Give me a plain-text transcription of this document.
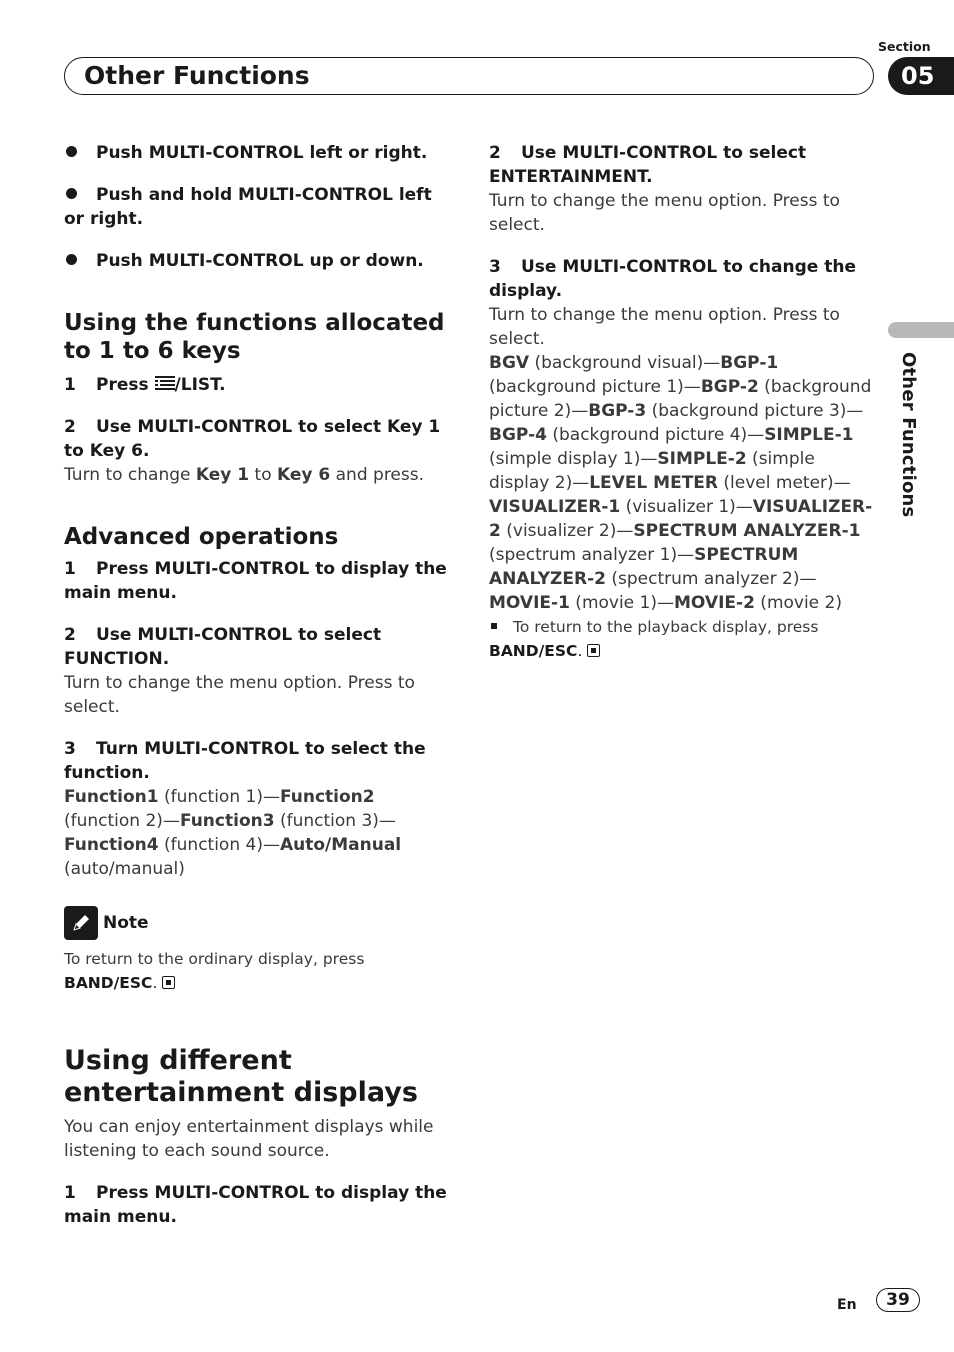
Section
Other Functions	05
Other Functions
Push MULTI-CONTROL left or right.
Push and hold MULTI-CONTROL left or right.
Push MULTI-CONTROL up or down.
Using the functions allocated to 1 to 6 keys
1 Press /LIST.
2 Use MULTI-CONTROL to select Key 1 to Key 6.
Turn to change Key 1 to Key 6 and press.
Advanced operations
1 Press MULTI-CONTROL to display the main menu.
2 Use MULTI-CONTROL to select FUNCTION.
Turn to change the menu option. Press to select.
3 Turn MULTI-CONTROL to select the function.
Function1 (function 1)—Function2 (function 2)—Function3 (function 3)—Function4 (function 4)—Auto/Manual (auto/manual)
Note
To return to the ordinary display, press
BAND/ESC.
Using different entertainment displays
You can enjoy entertainment displays while listening to each sound source.
1 Press MULTI-CONTROL to display the main menu.
2 Use MULTI-CONTROL to select ENTERTAINMENT.
Turn to change the menu option. Press to select.
3 Use MULTI-CONTROL to change the display.
Turn to change the menu option. Press to select.
BGV (background visual)—BGP-1 (background picture 1)—BGP-2 (background picture 2)—BGP-3 (background picture 3)—BGP-4 (background picture 4)—SIMPLE-1 (simple display 1)—SIMPLE-2 (simple display 2)—LEVEL METER (level meter)—VISUALIZER-1 (visualizer 1)—VISUALIZER-2 (visualizer 2)—SPECTRUM ANALYZER-1 (spectrum analyzer 1)—SPECTRUM ANALYZER-2 (spectrum analyzer 2)—MOVIE-1 (movie 1)—MOVIE-2 (movie 2)
To return to the playback display, press
BAND/ESC.
En	39
